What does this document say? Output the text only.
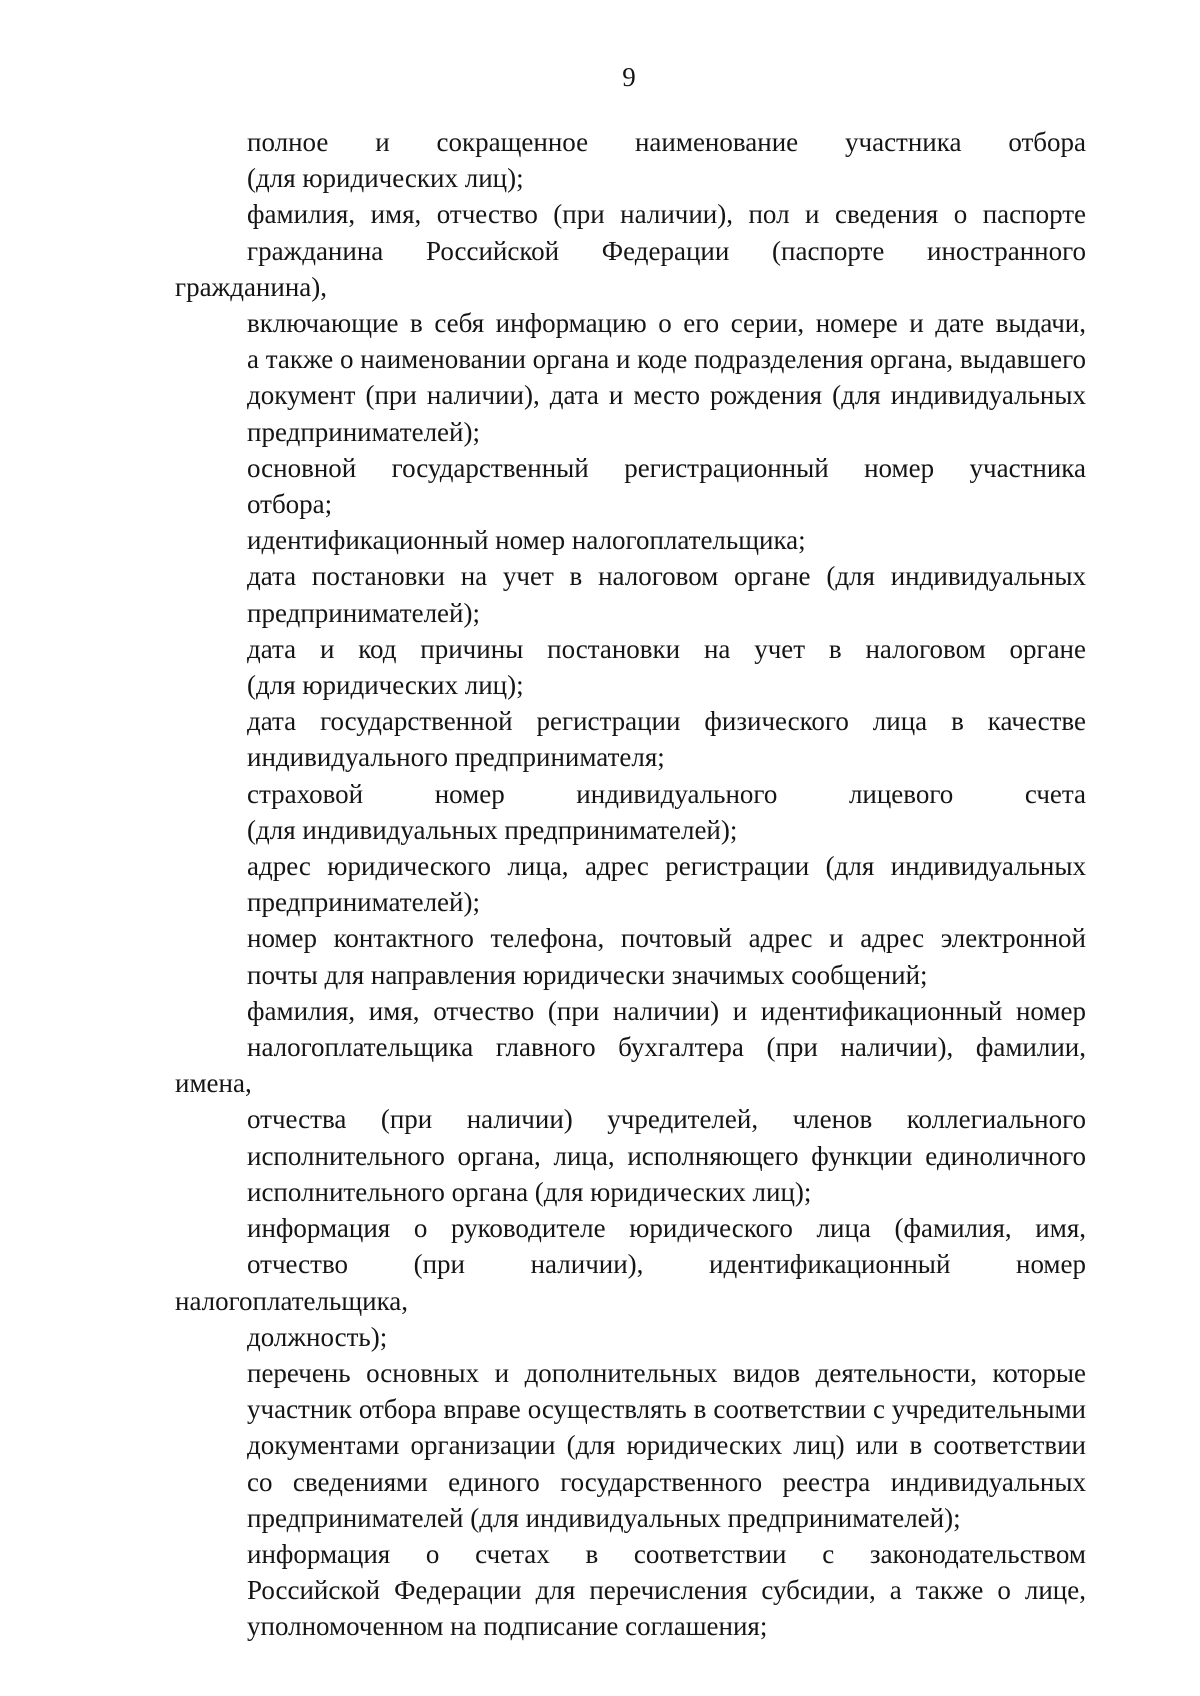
9

полное и сокращенное наименование участника отбора
(для юридических лиц);

фамилия, имя, отчество (при наличии), пол и сведения о паспорте
гражданина Российской Федерации (паспорте иностранного гражданина),
включающие в себя информацию о его серии, номере и дате выдачи,
а также о наименовании органа и коде подразделения органа, выдавшего
документ (при наличии), дата и место рождения (для индивидуальных
предпринимателей);

основной государственный регистрационный номер участника
отбора;

идентификационный номер налогоплательщика;

дата постановки на учет в налоговом органе (для индивидуальных
предпринимателей);

дата и код причины постановки на учет в налоговом органе
(для юридических лиц);

дата государственной регистрации физического лица в качестве
индивидуального предпринимателя;

страховой номер индивидуального лицевого счета
(для индивидуальных предпринимателей);

адрес юридического лица, адрес регистрации (для индивидуальных
предпринимателей);

номер контактного телефона, почтовый адрес и адрес электронной
почты для направления юридически значимых сообщений;

фамилия, имя, отчество (при наличии) и идентификационный номер
налогоплательщика главного бухгалтера (при наличии), фамилии, имена,
отчества (при наличии) учредителей, членов коллегиального
исполнительного органа, лица, исполняющего функции единоличного
исполнительного органа (для юридических лиц);

информация о руководителе юридического лица (фамилия, имя,
отчество (при наличии), идентификационный номер налогоплательщика,
должность);

перечень основных и дополнительных видов деятельности, которые
участник отбора вправе осуществлять в соответствии с учредительными
документами организации (для юридических лиц) или в соответствии
со сведениями единого государственного реестра индивидуальных
предпринимателей (для индивидуальных предпринимателей);

информация о счетах в соответствии с законодательством
Российской Федерации для перечисления субсидии, а также о лице,
уполномоченном на подписание соглашения;
